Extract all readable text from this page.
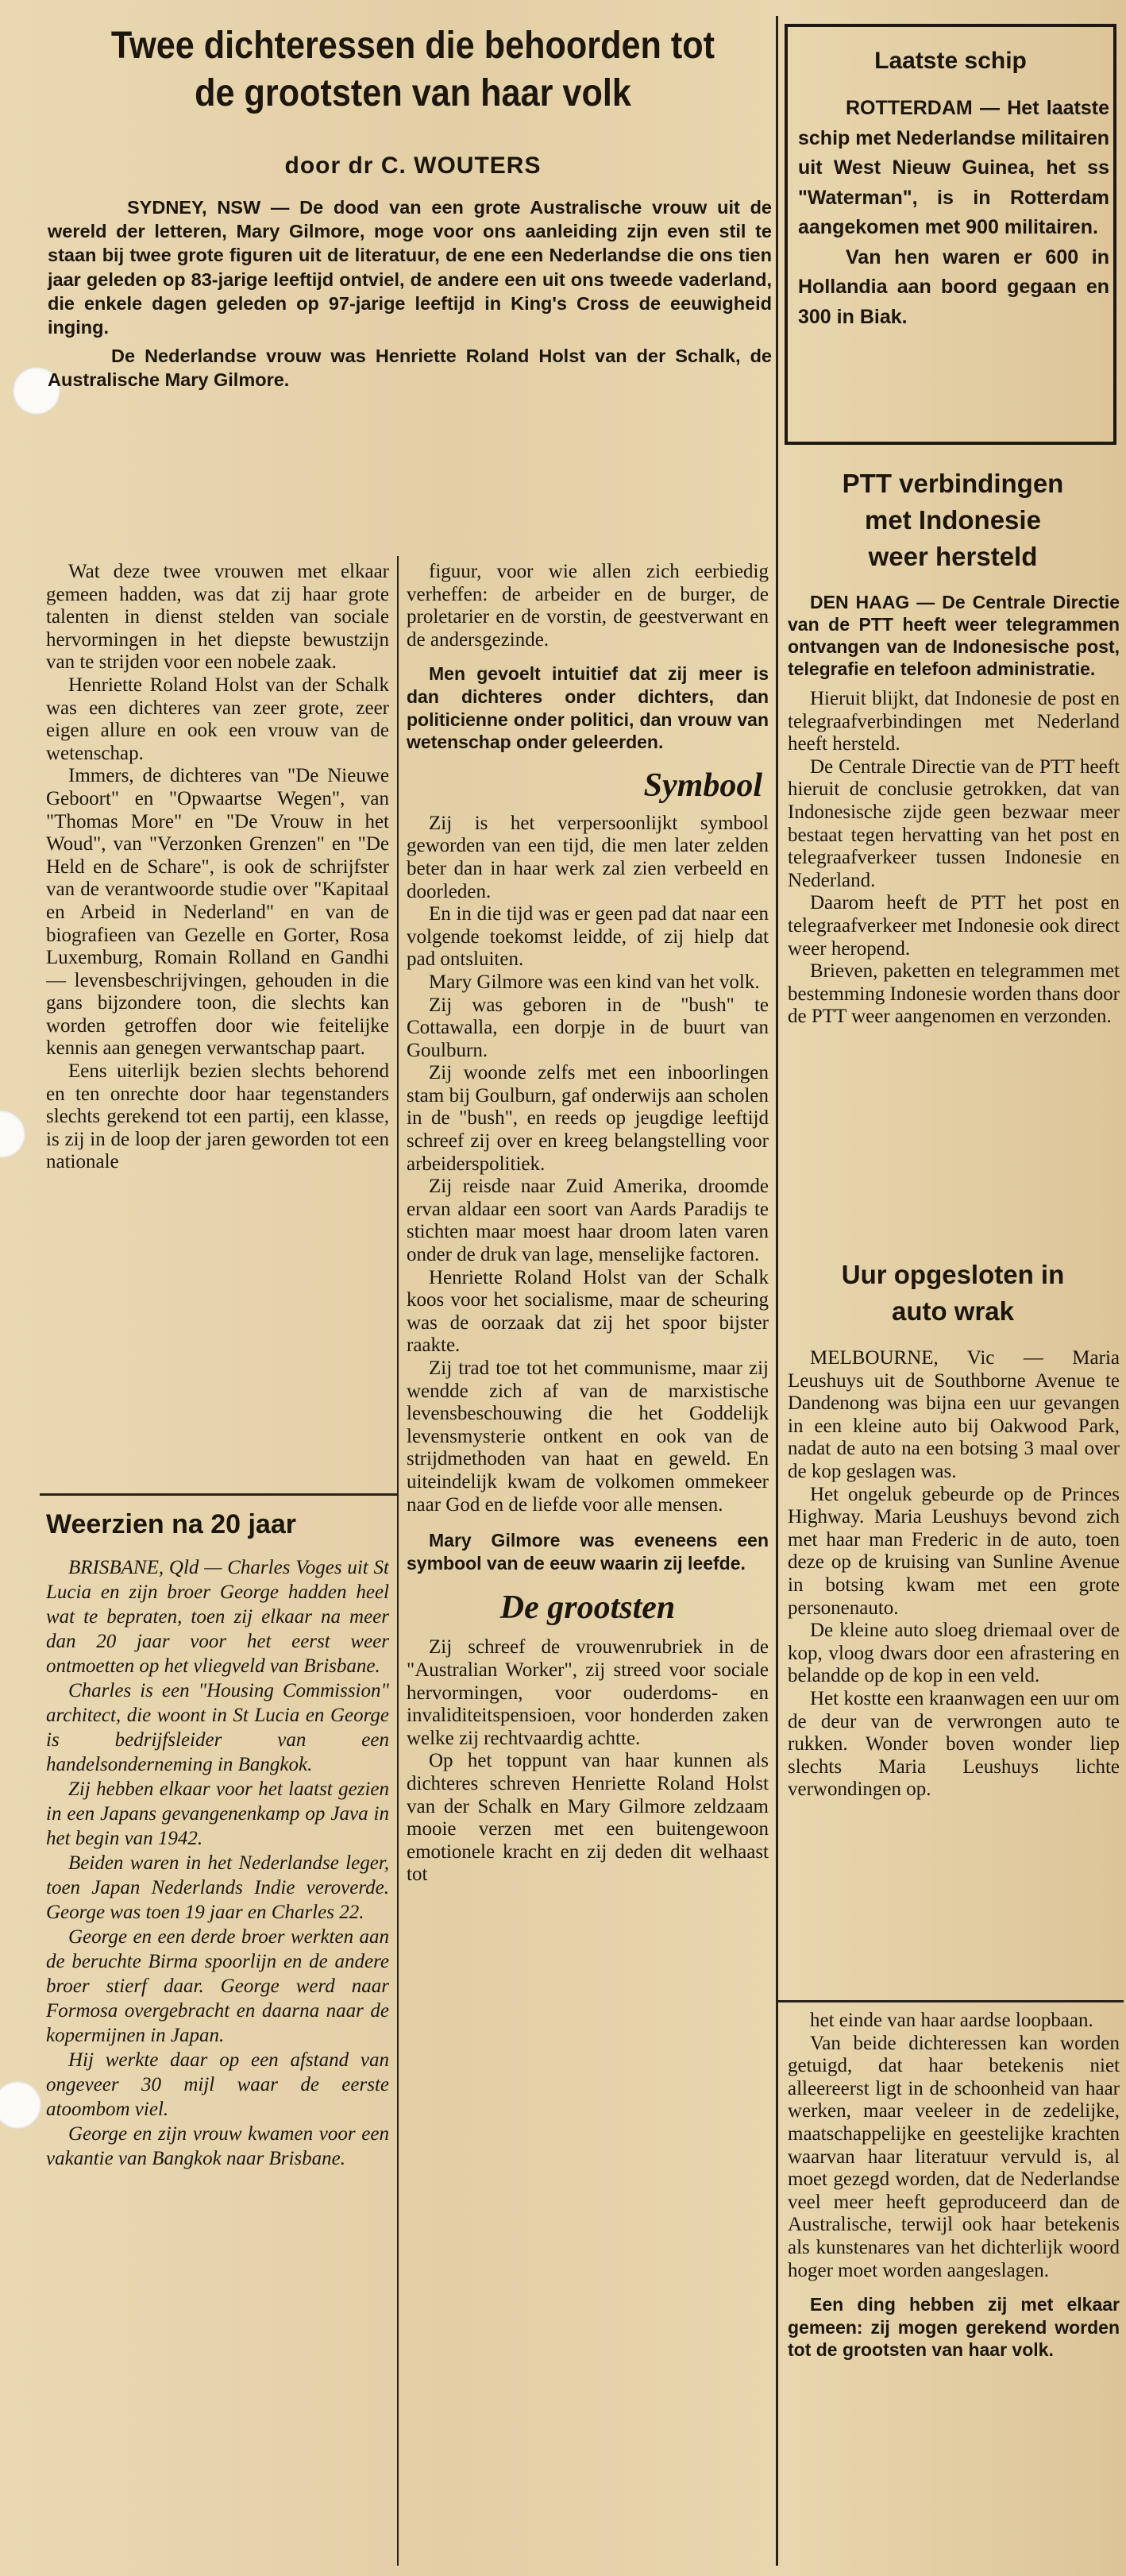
Twee dichteressen die behoorden tot
de grootsten van haar volk
door dr C. WOUTERS

SYDNEY, NSW — De dood van een grote Australische vrouw uit de wereld der letteren, Mary Gilmore, moge voor ons aanleiding zijn even stil te staan bij twee grote figuren uit de literatuur, de ene een Nederlandse die ons tien jaar geleden op 83-jarige leeftijd ontviel, de andere een uit ons tweede vaderland, die enkele dagen geleden op 97-jarige leeftijd in King's Cross de eeuwigheid inging.

De Nederlandse vrouw was Henriette Roland Holst van der Schalk, de Australische Mary Gilmore.

Laatste schip

ROTTERDAM — Het laatste schip met Nederlandse militairen uit West Nieuw Guinea, het ss "Waterman", is in Rotterdam aangekomen met 900 militairen.

Van hen waren er 600 in Hollandia aan boord gegaan en 300 in Biak.

Wat deze twee vrouwen met elkaar gemeen hadden, was dat zij haar grote talenten in dienst stelden van sociale hervormingen in het diepste bewustzijn van te strijden voor een nobele zaak.

Henriette Roland Holst van der Schalk was een dichteres van zeer grote, zeer eigen allure en ook een vrouw van de wetenschap.

Immers, de dichteres van "De Nieuwe Geboort" en "Opwaartse Wegen", van "Thomas More" en "De Vrouw in het Woud", van "Verzonken Grenzen" en "De Held en de Schare", is ook de schrijfster van de verantwoorde studie over "Kapitaal en Arbeid in Nederland" en van de biografieen van Gezelle en Gorter, Rosa Luxemburg, Romain Rolland en Gandhi — levensbeschrijvingen, gehouden in die gans bijzondere toon, die slechts kan worden getroffen door wie feitelijke kennis aan genegen verwantschap paart.

Eens uiterlijk bezien slechts behorend en ten onrechte door haar tegenstanders slechts gerekend tot een partij, een klasse, is zij in de loop der jaren geworden tot een nationale

Weerzien na 20 jaar

BRISBANE, Qld — Charles Voges uit St Lucia en zijn broer George hadden heel wat te bepraten, toen zij elkaar na meer dan 20 jaar voor het eerst weer ontmoetten op het vliegveld van Brisbane.

Charles is een "Housing Commission" architect, die woont in St Lucia en George is bedrijfsleider van een handelsonderneming in Bangkok.

Zij hebben elkaar voor het laatst gezien in een Japans gevangenenkamp op Java in het begin van 1942.

Beiden waren in het Nederlandse leger, toen Japan Nederlands Indie veroverde. George was toen 19 jaar en Charles 22.

George en een derde broer werkten aan de beruchte Birma spoorlijn en de andere broer stierf daar. George werd naar Formosa overgebracht en daarna naar de kopermijnen in Japan.

Hij werkte daar op een afstand van ongeveer 30 mijl waar de eerste atoombom viel.

George en zijn vrouw kwamen voor een vakantie van Bangkok naar Brisbane.

figuur, voor wie allen zich eerbiedig verheffen: de arbeider en de burger, de proletarier en de vorstin, de geestverwant en de andersgezinde.

Men gevoelt intuitief dat zij meer is dan dichteres onder dichters, dan politicienne onder politici, dan vrouw van wetenschap onder geleerden.

Symbool

Zij is het verpersoonlijkt symbool geworden van een tijd, die men later zelden beter dan in haar werk zal zien verbeeld en doorleden.

En in die tijd was er geen pad dat naar een volgende toekomst leidde, of zij hielp dat pad ontsluiten.

Mary Gilmore was een kind van het volk.

Zij was geboren in de "bush" te Cottawalla, een dorpje in de buurt van Goulburn.

Zij woonde zelfs met een inboorlingen stam bij Goulburn, gaf onderwijs aan scholen in de "bush", en reeds op jeugdige leeftijd schreef zij over en kreeg belangstelling voor arbeiderspolitiek.

Zij reisde naar Zuid Amerika, droomde ervan aldaar een soort van Aards Paradijs te stichten maar moest haar droom laten varen onder de druk van lage, menselijke factoren.

Henriette Roland Holst van der Schalk koos voor het socialisme, maar de scheuring was de oorzaak dat zij het spoor bijster raakte.

Zij trad toe tot het communisme, maar zij wendde zich af van de marxistische levensbeschouwing die het Goddelijk levensmysterie ontkent en ook van de strijdmethoden van haat en geweld. En uiteindelijk kwam de volkomen ommekeer naar God en de liefde voor alle mensen.

Mary Gilmore was eveneens een symbool van de eeuw waarin zij leefde.

De grootsten

Zij schreef de vrouwenrubriek in de "Australian Worker", zij streed voor sociale hervormingen, voor ouderdoms- en invaliditeitspensioen, voor honderden zaken welke zij rechtvaardig achtte.

Op het toppunt van haar kunnen als dichteres schreven Henriette Roland Holst van der Schalk en Mary Gilmore zeldzaam mooie verzen met een buitengewoon emotionele kracht en zij deden dit welhaast tot

PTT verbindingen
met Indonesie
weer hersteld

DEN HAAG — De Centrale Directie van de PTT heeft weer telegrammen ontvangen van de Indonesische post, telegrafie en telefoon administratie.

Hieruit blijkt, dat Indonesie de post en telegraafverbindingen met Nederland heeft hersteld.

De Centrale Directie van de PTT heeft hieruit de conclusie getrokken, dat van Indonesische zijde geen bezwaar meer bestaat tegen hervatting van het post en telegraafverkeer tussen Indonesie en Nederland.

Daarom heeft de PTT het post en telegraafverkeer met Indonesie ook direct weer heropend.

Brieven, paketten en telegrammen met bestemming Indonesie worden thans door de PTT weer aangenomen en verzonden.

Uur opgesloten in
auto wrak

MELBOURNE, Vic — Maria Leushuys uit de Southborne Avenue te Dandenong was bijna een uur gevangen in een kleine auto bij Oakwood Park, nadat de auto na een botsing 3 maal over de kop geslagen was.

Het ongeluk gebeurde op de Princes Highway. Maria Leushuys bevond zich met haar man Frederic in de auto, toen deze op de kruising van Sunline Avenue in botsing kwam met een grote personenauto.

De kleine auto sloeg driemaal over de kop, vloog dwars door een afrastering en belandde op de kop in een veld.

Het kostte een kraanwagen een uur om de deur van de verwrongen auto te rukken. Wonder boven wonder liep slechts Maria Leushuys lichte verwondingen op.

het einde van haar aardse loopbaan.

Van beide dichteressen kan worden getuigd, dat haar betekenis niet alleereerst ligt in de schoonheid van haar werken, maar veeleer in de zedelijke, maatschappelijke en geestelijke krachten waarvan haar literatuur vervuld is, al moet gezegd worden, dat de Nederlandse veel meer heeft geproduceerd dan de Australische, terwijl ook haar betekenis als kunstenares van het dichterlijk woord hoger moet worden aangeslagen.

Een ding hebben zij met elkaar gemeen: zij mogen gerekend worden tot de grootsten van haar volk.
